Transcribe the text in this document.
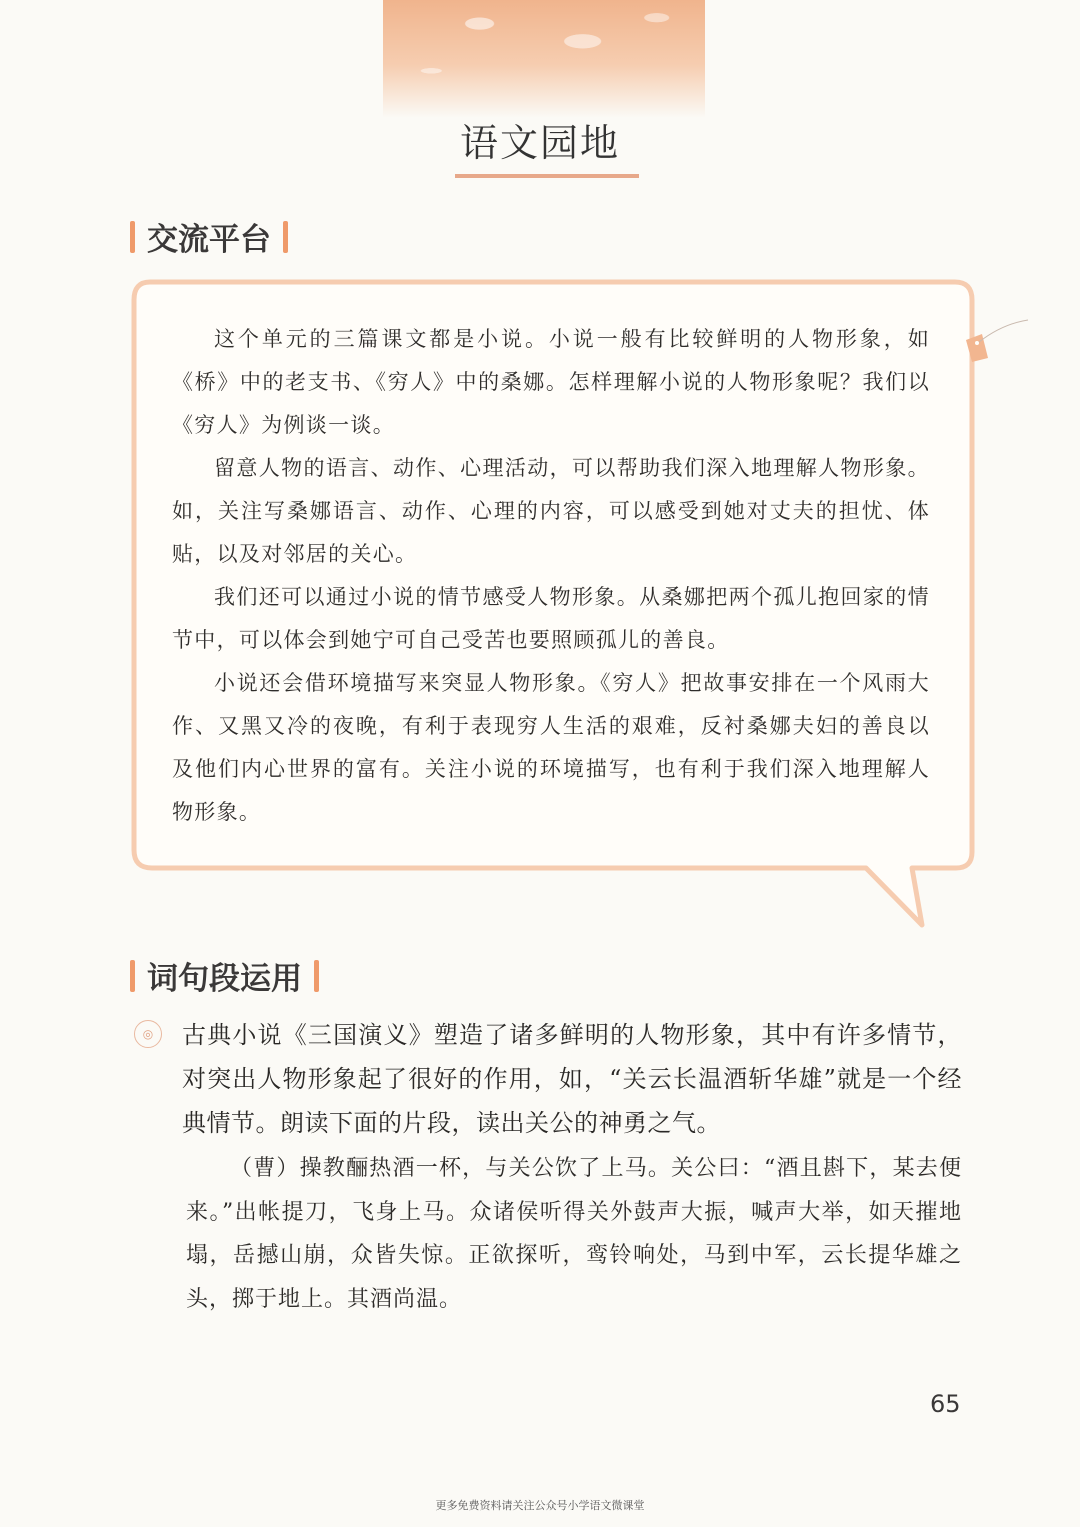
语文园地
交流平台

这个单元的三篇课文都是小说。小说一般有比较鲜明的人物形象，如《桥》中的老支书、《穷人》中的桑娜。怎样理解小说的人物形象呢？我们以《穷人》为例谈一谈。

留意人物的语言、动作、心理活动，可以帮助我们深入地理解人物形象。如，关注写桑娜语言、动作、心理的内容，可以感受到她对丈夫的担忧、体贴，以及对邻居的关心。

我们还可以通过小说的情节感受人物形象。从桑娜把两个孤儿抱回家的情节中，可以体会到她宁可自己受苦也要照顾孤儿的善良。

小说还会借环境描写来突显人物形象。《穷人》把故事安排在一个风雨大作、又黑又冷的夜晚，有利于表现穷人生活的艰难，反衬桑娜夫妇的善良以及他们内心世界的富有。关注小说的环境描写，也有利于我们深入地理解人物形象。

词句段运用
◎	古典小说《三国演义》塑造了诸多鲜明的人物形象，其中有许多情节，对突出人物形象起了很好的作用，如，“关云长温酒斩华雄”就是一个经典情节。朗读下面的片段，读出关公的神勇之气。
（曹）操教酾热酒一杯，与关公饮了上马。关公曰：“酒且斟下，某去便来。”出帐提刀，飞身上马。众诸侯听得关外鼓声大振，喊声大举，如天摧地塌，岳撼山崩，众皆失惊。正欲探听，鸾铃响处，马到中军，云长提华雄之头，掷于地上。其酒尚温。
65
更多免费资料请关注公众号小学语文微课堂
